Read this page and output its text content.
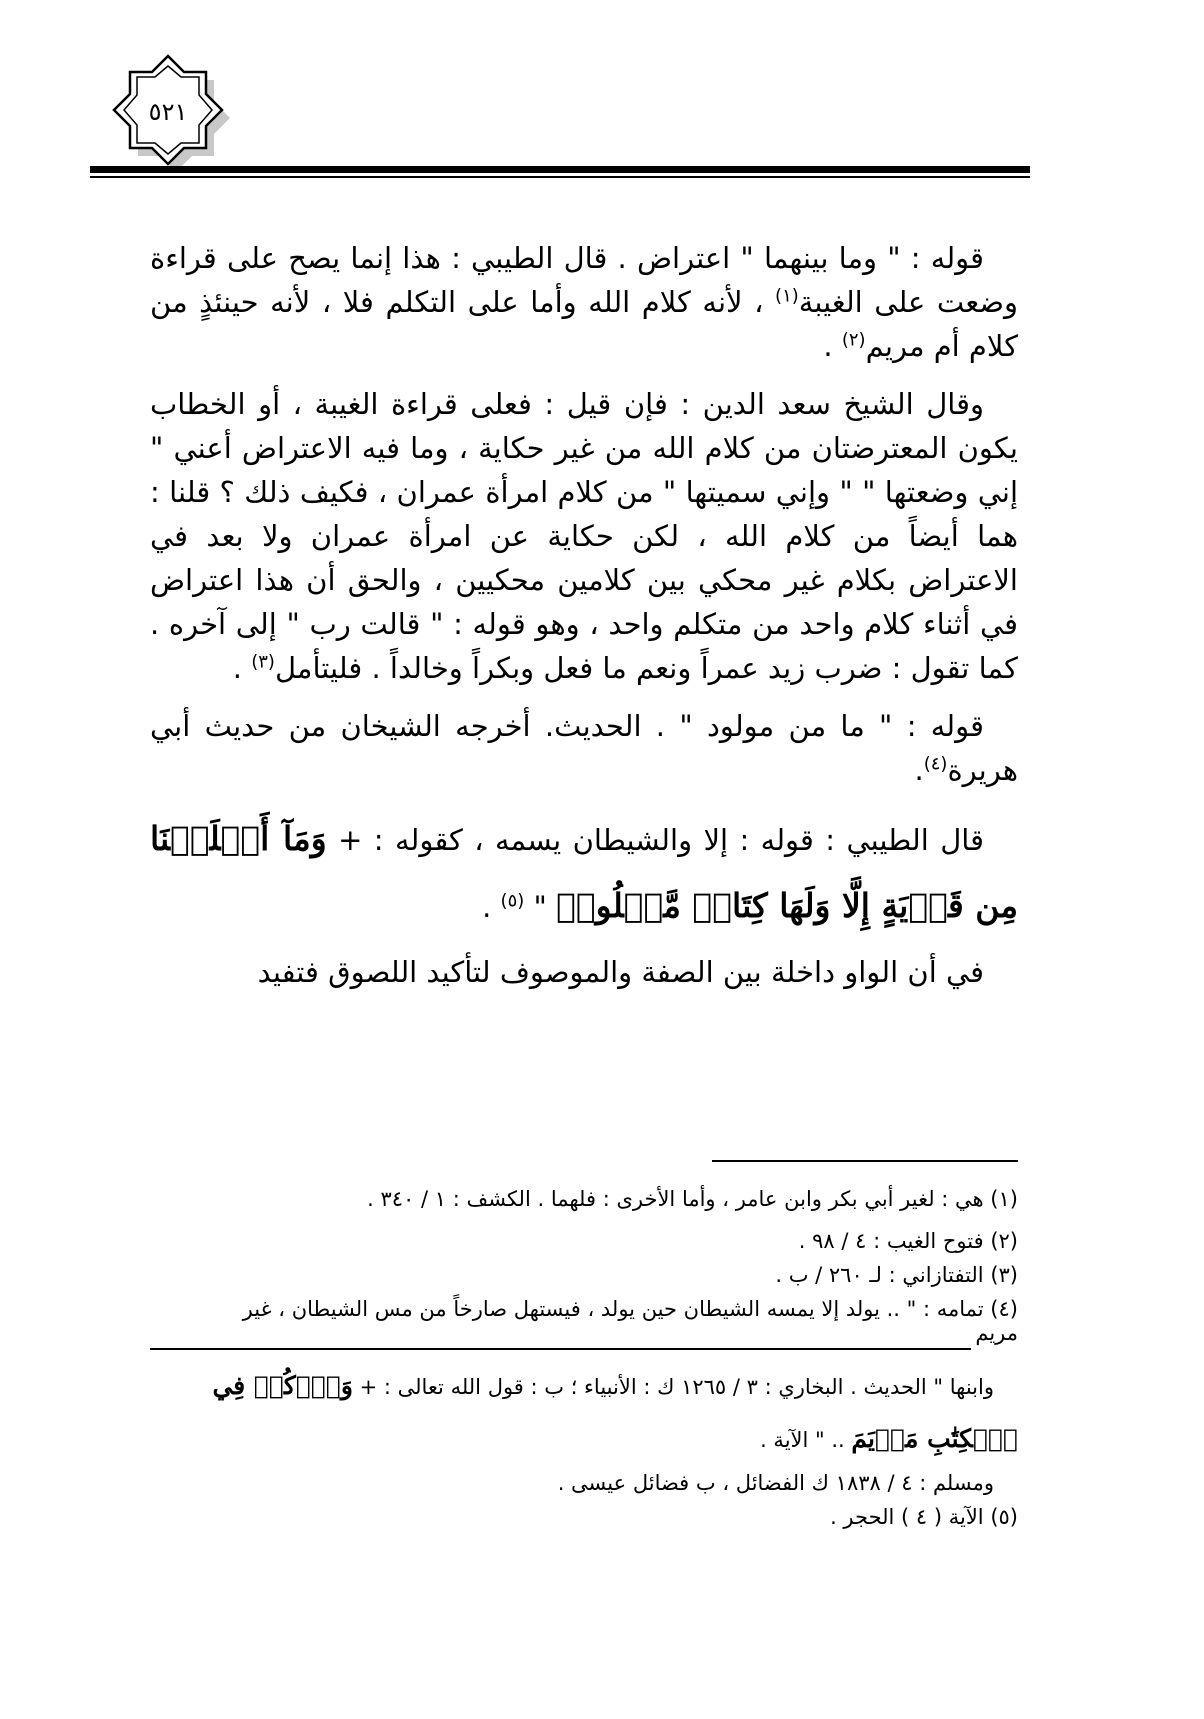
٥٢١

قوله : " وما بينهما " اعتراض . قال الطيبي : هذا إنما يصح على قراءة وضعت على الغيبة$^{(١)}$ ، لأنه كلام الله وأما على التكلم فلا ، لأنه حينئذٍ من كلام أم مريم$^{(٢)}$ .

وقال الشيخ سعد الدين : فإن قيل : فعلى قراءة الغيبة ، أو الخطاب يكون المعترضتان من كلام الله من غير حكاية ، وما فيه الاعتراض أعني " إني وضعتها " " وإني سميتها " من كلام امرأة عمران ، فكيف ذلك ؟ قلنا : هما أيضاً من كلام الله ، لكن حكاية عن امرأة عمران ولا بعد في الاعتراض بكلام غير محكي بين كلامين محكيين ، والحق أن هذا اعتراض في أثناء كلام واحد من متكلم واحد ، وهو قوله : " قالت رب " إلى آخره . كما تقول : ضرب زيد عمراً ونعم ما فعل وبكراً وخالداً . فليتأمل$^{(٣)}$ .

قوله : " ما من مولود " . الحديث. أخرجه الشيخان من حديث أبي هريرة$^{(٤)}$.

قال الطيبي : قوله : إلا والشيطان يسمه ، كقوله : + وَمَآ أَهۡلَكۡنَا مِن قَرۡيَةٍ إِلَّا وَلَهَا كِتَابٞ مَّعۡلُومٞ " $^{(٥)}$ .

في أن الواو داخلة بين الصفة والموصوف لتأكيد اللصوق فتفيد

(١) هي : لغير أبي بكر وابن عامر ، وأما الأخرى : فلهما . الكشف : ١ / ٣٤٠ .

(٢) فتوح الغيب : ٤ / ٩٨ .

(٣) التفتازاني : لـ ٢٦٠ / ب .

(٤) تمامه : " .. يولد إلا يمسه الشيطان حين يولد ، فيستهل صارخاً من مس الشيطان ، غير

مريم

وابنها " الحديث . البخاري : ٣ / ١٢٦٥ ك : الأنبياء ؛ ب : قول الله تعالى : + وَٱذۡكُرۡ فِي

ٱلۡكِتَٰبِ مَرۡيَمَ .. " الآية .

ومسلم : ٤ / ١٨٣٨ ك الفضائل ، ب فضائل عيسى .

(٥) الآية ( ٤ ) الحجر .
